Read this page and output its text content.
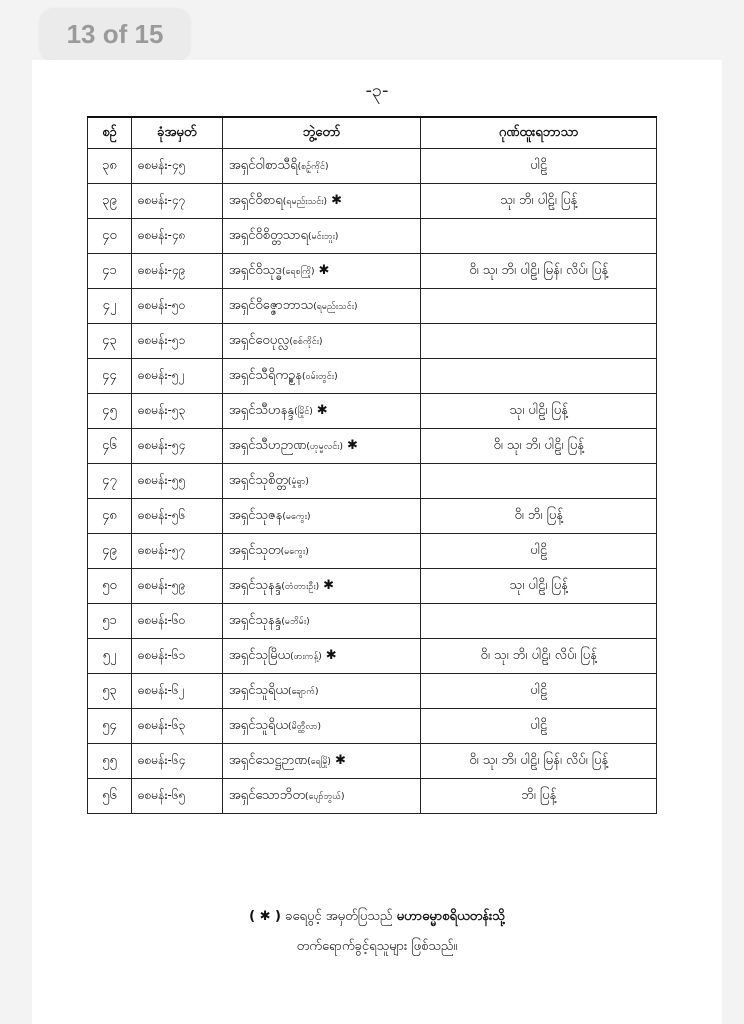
13 of 15
-၃-
စဉ်	ခုံအမှတ်	ဘွဲ့တော်	ဂုဏ်ထူးရဘာသာ
၃၈	ဓစမန်း-၄၅	အရှင်ဝါစာသီရိ(စဉ့်ကိုင်)	ပါဠိ
၃၉	ဓစမန်း-၄၇	အရှင်ဝိစာရ(ရမည်းသင်း) ✱	သု၊ ဘိ၊ ပါဠိ၊ ပြန့်
၄၀	ဓစမန်း-၄၈	အရှင်ဝိစိတ္တသာရ(မင်းဘူး)	
၄၁	ဓစမန်း-၄၉	အရှင်ဝိသုဒ္ဓ(ရေစကြို) ✱	ဝိ၊ သု၊ ဘိ၊ ပါဠိ၊ မြန်၊ လိပ်၊ ပြန့်
၄၂	ဓစမန်း-၅၀	အရှင်ဝိဇ္ဇောဘာသ(ရမည်းသင်း)	
၄၃	ဓစမန်း-၅၁	အရှင်ဝေပုလ္လ(စစ်ကိုင်း)	
၄၄	ဓစမန်း-၅၂	အရှင်သီရိကဥ္စန(ဝမ်းတွင်း)	
၄၅	ဓစမန်း-၅၃	အရှင်သီဟနန္ဒ(မြိုင်) ✱	သု၊ ပါဠိ၊ ပြန့်
၄၆	ဓစမန်း-၅၄	အရှင်သီဟဉာဏ(ဟုမ္မလင်း) ✱	ဝိ၊ သု၊ ဘိ၊ ပါဠိ၊ ပြန့်
၄၇	ဓစမန်း-၅၅	အရှင်သုစိတ္တ(မှုံရွာ)	
၄၈	ဓစမန်း-၅၆	အရှင်သုဇန(မကွေး)	ဝိ၊ ဘိ၊ ပြန့်
၄၉	ဓစမန်း-၅၇	အရှင်သုတ(မကွေး)	ပါဠိ
၅၀	ဓစမန်း-၅၉	အရှင်သုနန္ဒ(တံတားဦး) ✱	သု၊ ပါဠိ၊ ပြန့်
၅၁	ဓစမန်း-၆၀	အရှင်သုနန္ဒ(မဘိမ်း)	
၅၂	ဓစမန်း-၆၁	အရှင်သုမြိယ(ဖားကန့်) ✱	ဝိ၊ သု၊ ဘိ၊ ပါဠိ၊ လိပ်၊ ပြန့်
၅၃	ဓစမန်း-၆၂	အရှင်သူရိယ(ချောက်)	ပါဠိ
၅၄	ဓစမန်း-၆၃	အရှင်သူရိယ(မိတ္ထီလာ)	ပါဠိ
၅၅	ဓစမန်း-၆၄	အရှင်သေဋ္ဌဉာဏ(ရေမြို) ✱	ဝိ၊ သု၊ ဘိ၊ ပါဠိ၊ မြန်၊ လိပ်၊ ပြန့်
၅၆	ဓစမန်း-၆၅	အရှင်သောဘိတ(ပျော်ဘွယ်)	ဘိ၊ ပြန့်
( ✱ ) ခရေပွင့် အမှတ်ပြသည် မဟာဓမ္မာစရိယတန်းသို့
တက်ရောက်ခွင့်ရသူများ ဖြစ်သည်။
